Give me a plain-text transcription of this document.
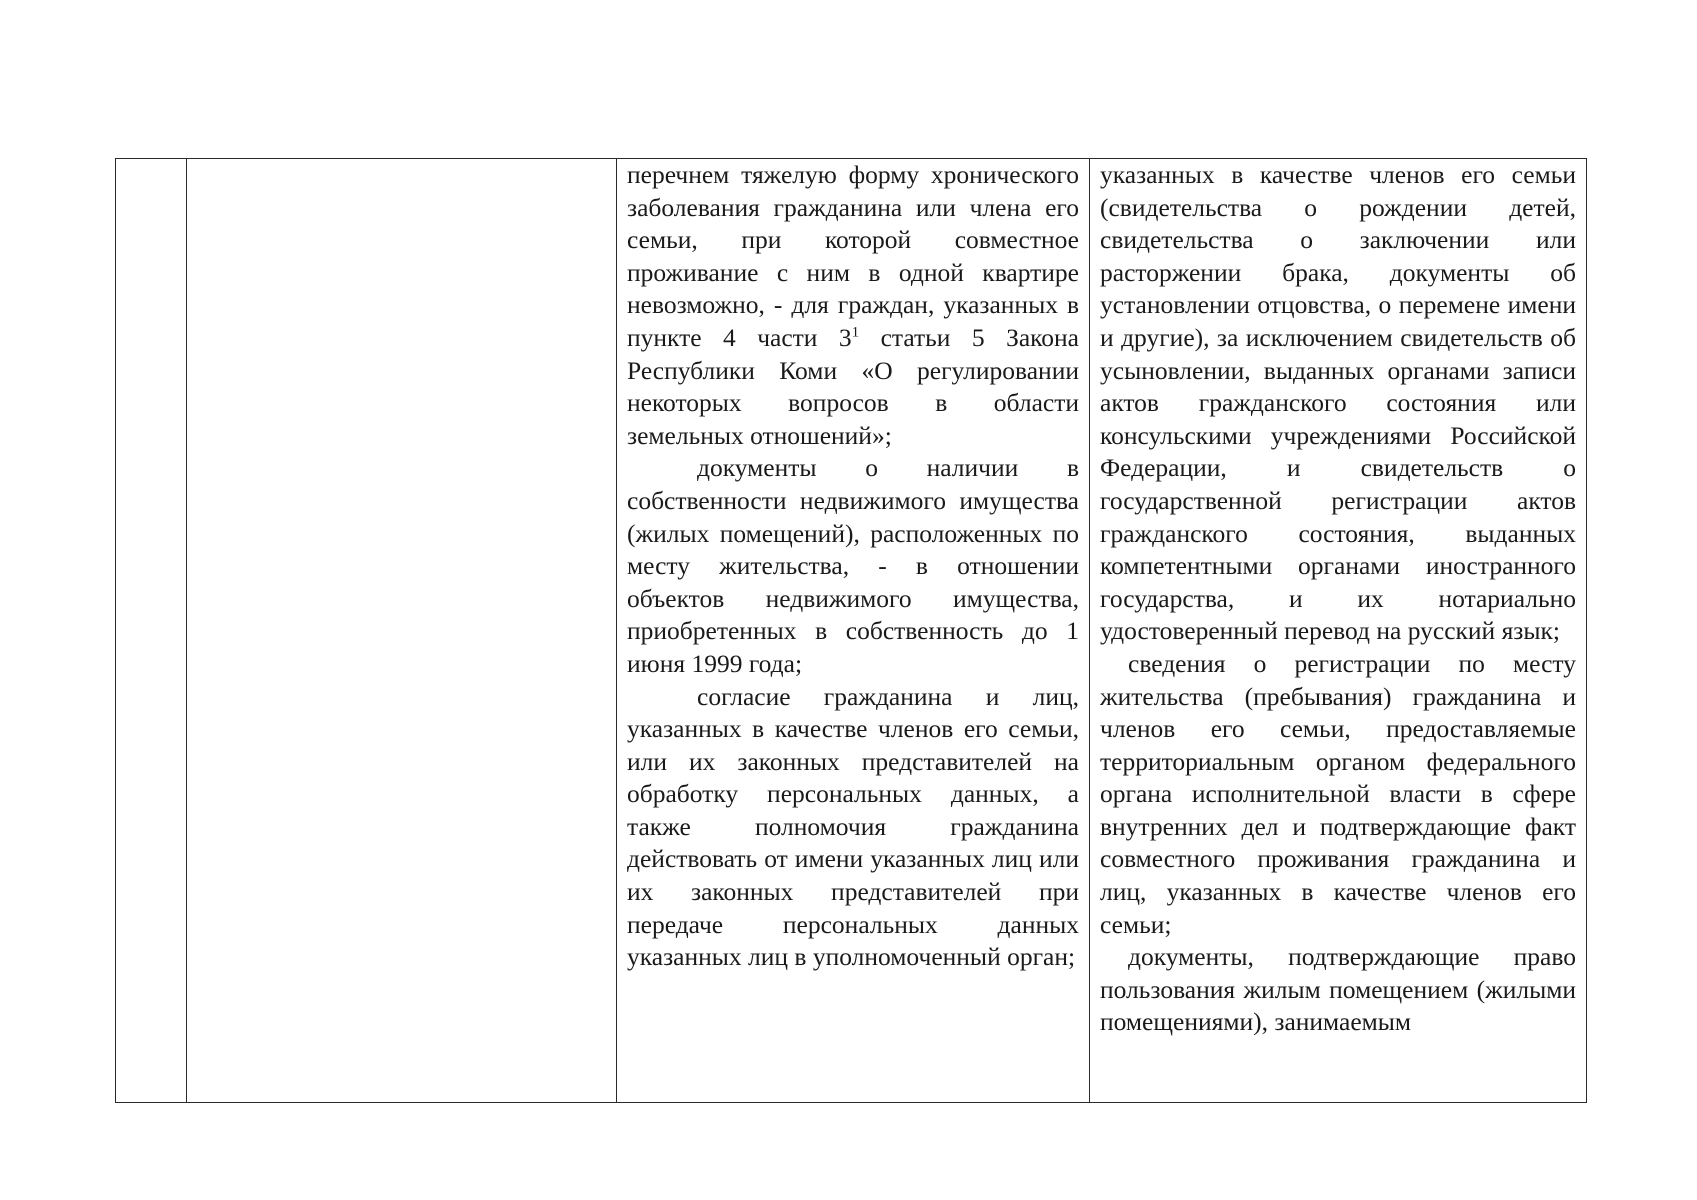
перечнем тяжелую форму хронического заболевания гражданина или члена его семьи, при которой совместное проживание с ним в одной квартире невозможно, - для граждан, указанных в пункте 4 части $3^1$ статьи 5 Закона Республики Коми «О регулировании некоторых вопросов в области земельных отношений»;

документы о наличии в собственности недвижимого имущества (жилых помещений), расположенных по месту жительства, - в отношении объектов недвижимого имущества, приобретенных в собственность до 1 июня 1999 года;

согласие гражданина и лиц, указанных в качестве членов его семьи, или их законных представителей на обработку персональных данных, а также полномочия гражданина действовать от имени указанных лиц или их законных представителей при передаче персональных данных указанных лиц в уполномоченный орган;

указанных в качестве членов его семьи (свидетельства о рождении детей, свидетельства о заключении или расторжении брака, документы об установлении отцовства, о перемене имени и другие), за исключением свидетельств об усыновлении, выданных органами записи актов гражданского состояния или консульскими учреждениями Российской Федерации, и свидетельств о государственной регистрации актов гражданского состояния, выданных компетентными органами иностранного государства, и их нотариально удостоверенный перевод на русский язык;

сведения о регистрации по месту жительства (пребывания) гражданина и членов его семьи, предоставляемые территориальным органом федерального органа исполнительной власти в сфере внутренних дел и подтверждающие факт совместного проживания гражданина и лиц, указанных в качестве членов его семьи;

документы, подтверждающие право пользования жилым помещением (жилыми помещениями), занимаемым
